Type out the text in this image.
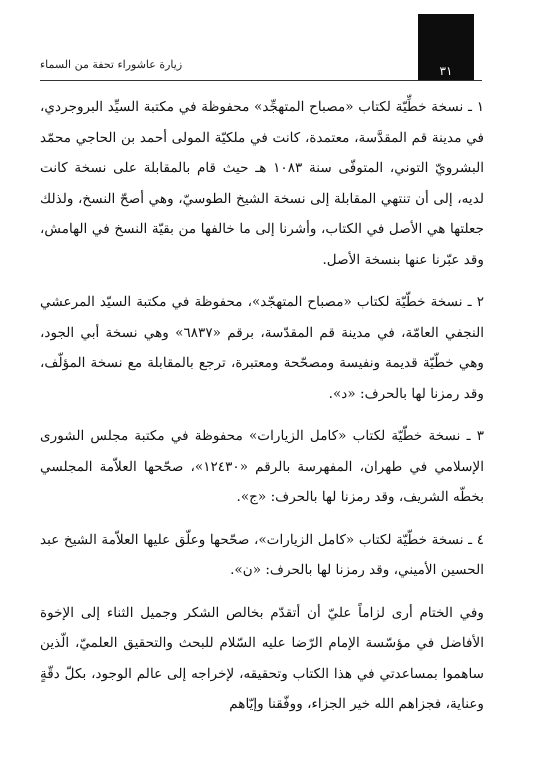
٣١
زيارة عاشوراء تحفة من السماء

١ ـ نسخة خطِّيّة لكتاب «مصباح المتهجِّد» محفوظة في مكتبة السيِّد البروجردي، في مدينة قم المقدَّسة، معتمدة، كانت في ملكيّة المولى أحمد بن الحاجي محمّد البشرويّ التوني، المتوفّى سنة ١٠٨٣ هـ حيث قام بالمقابلة على نسخة كانت لديه، إلى أن تنتهي المقابلة إلى نسخة الشيخ الطوسيّ، وهي أصحّ النسخ، ولذلك جعلتها هي الأصل في الكتاب، وأشرنا إلى ما خالفها من بقيّة النسخ في الهامش، وقد عبّرنا عنها بنسخة الأصل.

٢ ـ نسخة خطّيّة لكتاب «مصباح المتهجّد»، محفوظة في مكتبة السيّد المرعشي النجفي العامّة، في مدينة قم المقدّسة، برقم «٦٨٣٧» وهي نسخة أبي الجود، وهي خطّيّة قديمة ونفيسة ومصحّحة ومعتبرة، ترجع بالمقابلة مع نسخة المؤلّف، وقد رمزنا لها بالحرف: «د».

٣ ـ نسخة خطّيّة لكتاب «كامل الزيارات» محفوظة في مكتبة مجلس الشورى الإسلامي في طهران، المفهرسة بالرقم «١٢٤٣٠»، صحّحها العلاّمة المجلسي بخطّه الشريف، وقد رمزنا لها بالحرف: «ج».

٤ ـ نسخة خطّيّة لكتاب «كامل الزيارات»، صحّحها وعلّق عليها العلاّمة الشيخ عبد الحسين الأميني، وقد رمزنا لها بالحرف: «ن».

وفي الختام أرى لزاماً عليّ أن أتقدّم بخالص الشكر وجميل الثناء إلى الإخوة الأفاضل في مؤسّسة الإمام الرّضا عليه السّلام للبحث والتحقيق العلميّ، الّذين ساهموا بمساعدتي في هذا الكتاب وتحقيقه، لإخراجه إلى عالم الوجود، بكلّ دقّةٍ وعناية، فجزاهم الله خير الجزاء، ووفّقنا وإيّاهم
